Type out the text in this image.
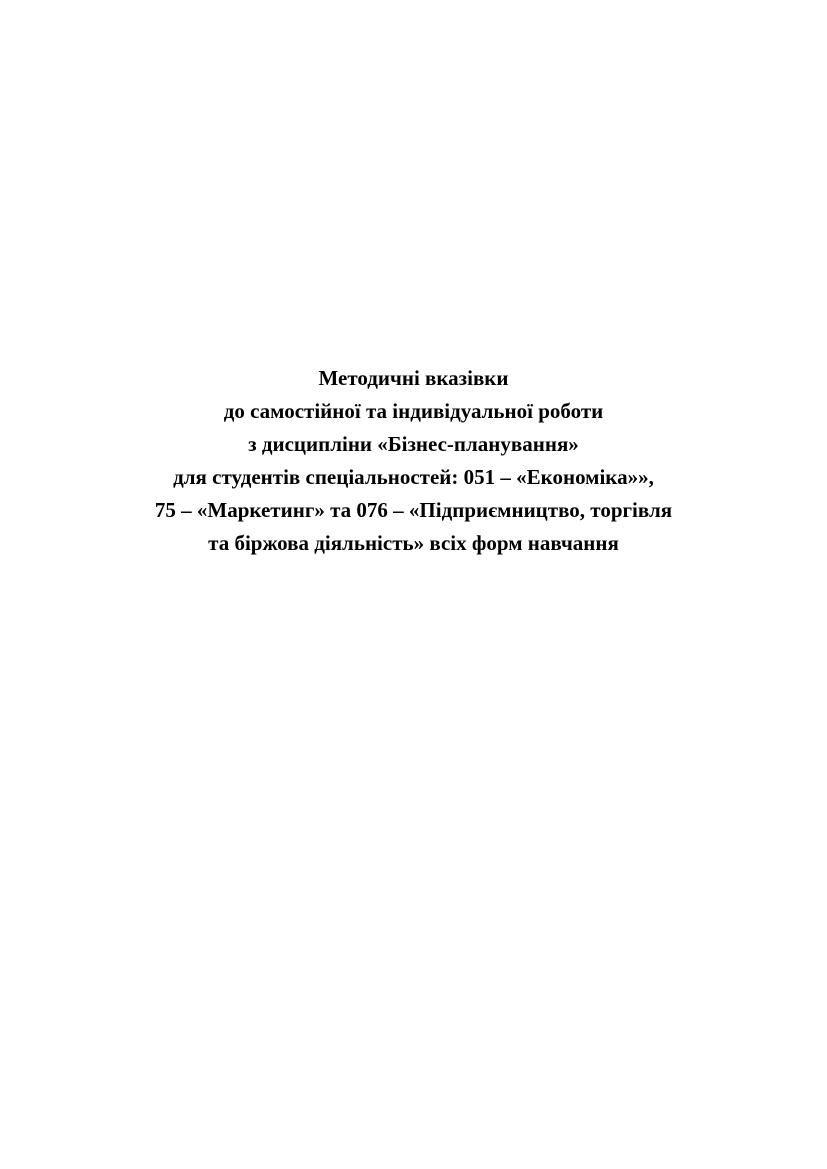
Методичні вказівки
до самостійної та індивідуальної роботи
з дисципліни «Бізнес-планування»
для студентів спеціальностей: 051 – «Економіка»»,
75 – «Маркетинг» та 076 – «Підприємництво, торгівля
та біржова діяльність» всіх форм навчання
